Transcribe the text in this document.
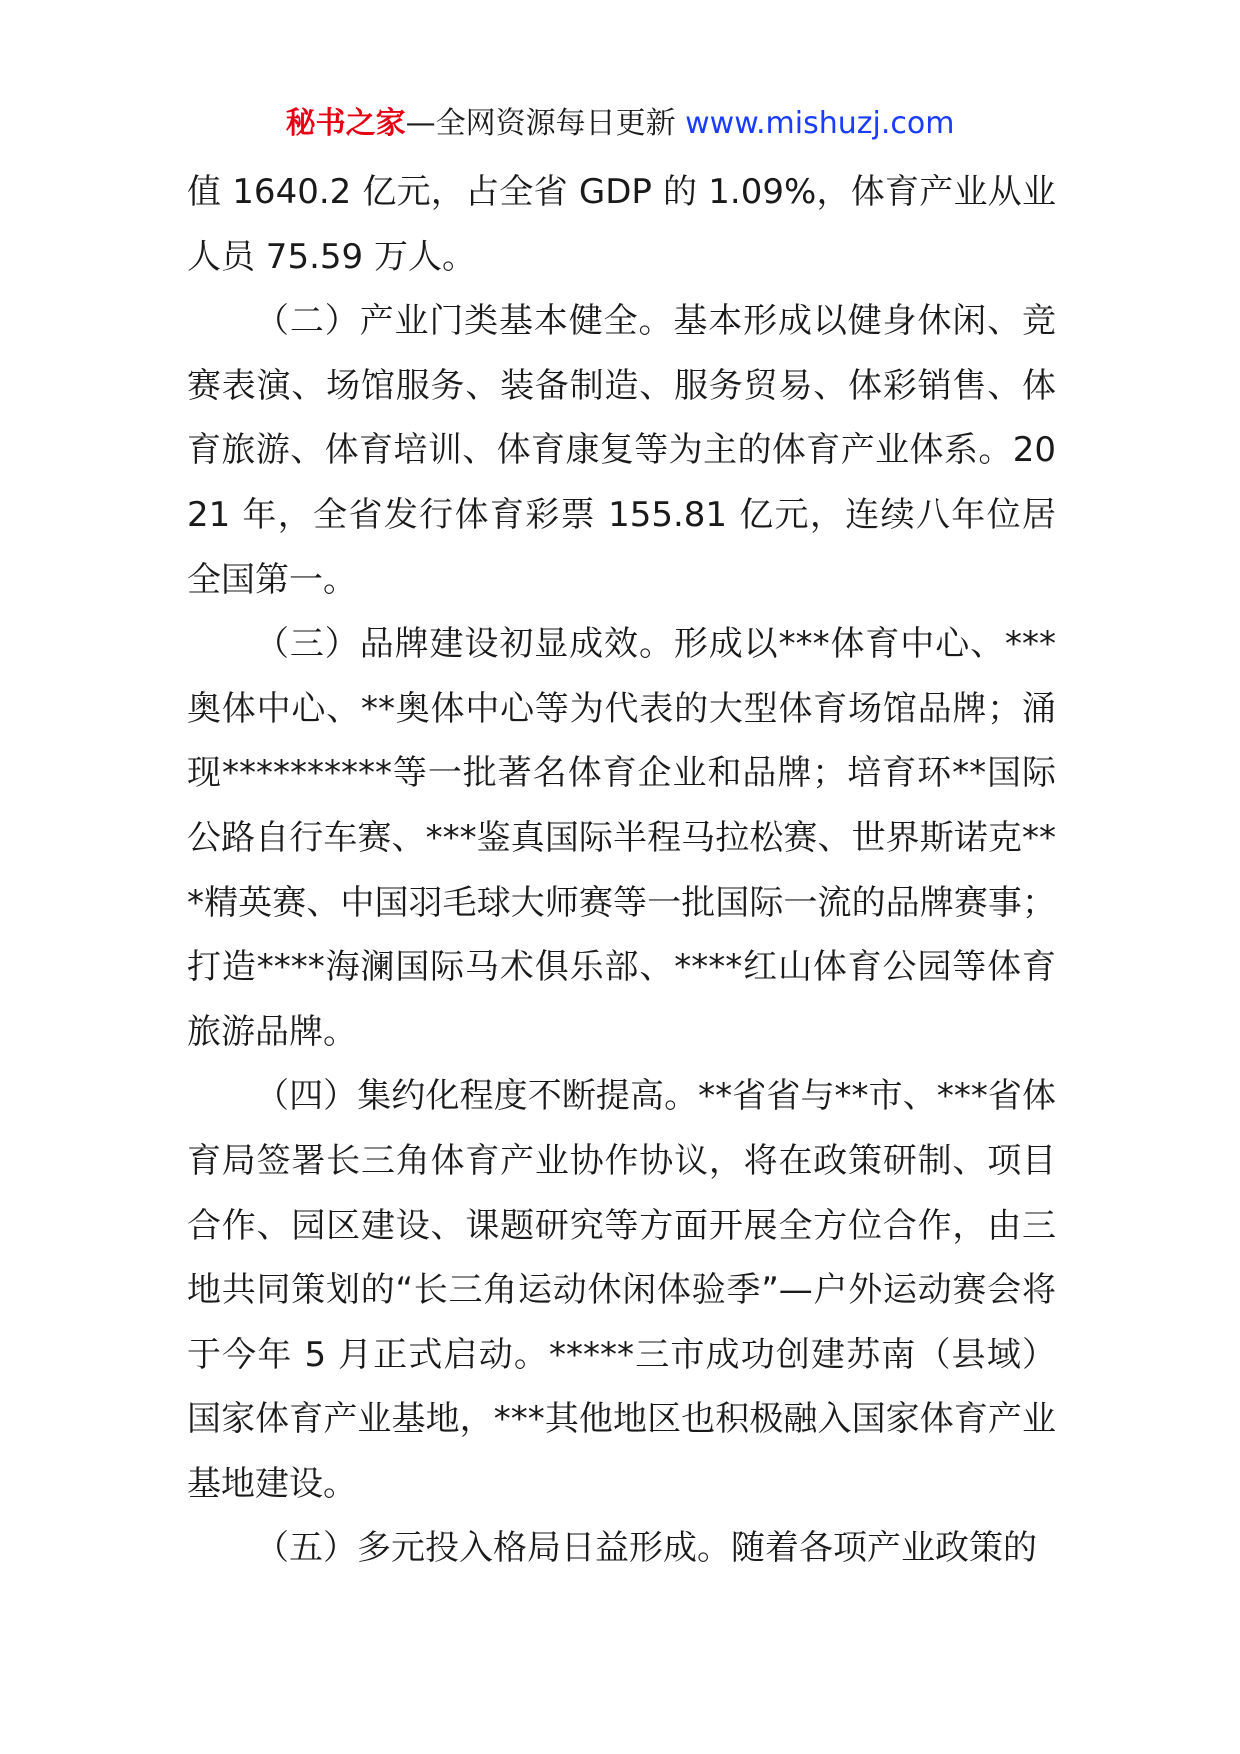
秘书之家—全网资源每日更新 www.mishuzj.com

值 1640.2 亿元，占全省 GDP 的 1.09%，体育产业从业人员 75.59 万人。

（二）产业门类基本健全。基本形成以健身休闲、竞赛表演、场馆服务、装备制造、服务贸易、体彩销售、体育旅游、体育培训、体育康复等为主的体育产业体系。2021 年，全省发行体育彩票 155.81 亿元，连续八年位居全国第一。

（三）品牌建设初显成效。形成以***体育中心、***奥体中心、**奥体中心等为代表的大型体育场馆品牌；涌现**********等一批著名体育企业和品牌；培育环**国际公路自行车赛、***鉴真国际半程马拉松赛、世界斯诺克***精英赛、中国羽毛球大师赛等一批国际一流的品牌赛事；打造****海澜国际马术俱乐部、****红山体育公园等体育旅游品牌。

（四）集约化程度不断提高。**省省与**市、***省体育局签署长三角体育产业协作协议，将在政策研制、项目合作、园区建设、课题研究等方面开展全方位合作，由三地共同策划的“长三角运动休闲体验季”—户外运动赛会将于今年 5 月正式启动。*****三市成功创建苏南（县域）国家体育产业基地，***其他地区也积极融入国家体育产业基地建设。

（五）多元投入格局日益形成。随着各项产业政策的
